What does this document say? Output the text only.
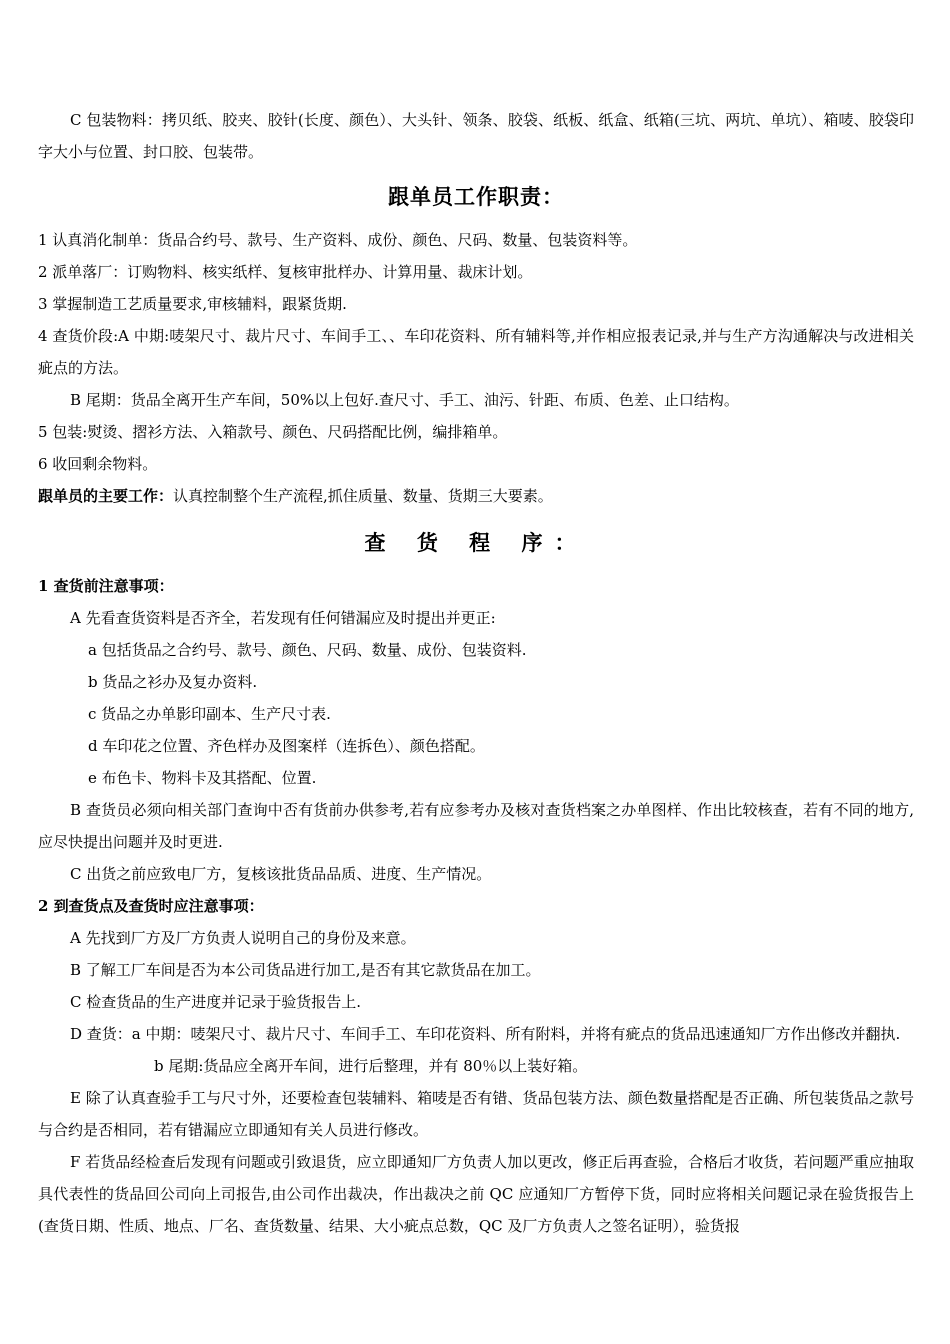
C 包装物料：拷贝纸、胶夹、胶针(长度、颜色）、大头针、领条、胶袋、纸板、纸盒、纸箱(三坑、两坑、单坑）、箱唛、胶袋印字大小与位置、封口胶、包装带。

跟单员工作职责：

1 认真消化制单：货品合约号、款号、生产资料、成份、颜色、尺码、数量、包装资料等。

2 派单落厂：订购物料、核实纸样、复核审批样办、计算用量、裁床计划。

3 掌握制造工艺质量要求,审核辅料，跟紧货期.

4 查货价段:A 中期:唛架尺寸、裁片尺寸、车间手工、、车印花资料、所有辅料等,并作相应报表记录,并与生产方沟通解决与改进相关疵点的方法。

B 尾期：货品全离开生产车间，50%以上包好.查尺寸、手工、油污、针距、布质、色差、止口结构。

5 包装:熨烫、摺衫方法、入箱款号、颜色、尺码搭配比例，编排箱单。

6 收回剩余物料。

跟单员的主要工作：认真控制整个生产流程,抓住质量、数量、货期三大要素。

查 货 程 序：

1 查货前注意事项：

A 先看查货资料是否齐全，若发现有任何错漏应及时提出并更正:

a 包括货品之合约号、款号、颜色、尺码、数量、成份、包装资料.

b 货品之衫办及复办资料.

c 货品之办单影印副本、生产尺寸表.

d 车印花之位置、齐色样办及图案样（连拆色）、颜色搭配。

e 布色卡、物料卡及其搭配、位置.

B 查货员必须向相关部门查询中否有货前办供参考,若有应参考办及核对查货档案之办单图样、作出比较核查，若有不同的地方,应尽快提出问题并及时更进.

C 出货之前应致电厂方，复核该批货品品质、进度、生产情况。

2 到查货点及查货时应注意事项：

A 先找到厂方及厂方负责人说明自己的身份及来意。

B 了解工厂车间是否为本公司货品进行加工,是否有其它款货品在加工。

C 检查货品的生产进度并记录于验货报告上.

D 查货：a 中期：唛架尺寸、裁片尺寸、车间手工、车印花资料、所有附料，并将有疵点的货品迅速通知厂方作出修改并翻执.

b 尾期:货品应全离开车间，进行后整理，并有 80％以上装好箱。

E 除了认真查验手工与尺寸外，还要检查包装辅料、箱唛是否有错、货品包装方法、颜色数量搭配是否正确、所包装货品之款号与合约是否相同，若有错漏应立即通知有关人员进行修改。

F 若货品经检查后发现有问题或引致退货，应立即通知厂方负责人加以更改，修正后再查验，合格后才收货，若问题严重应抽取具代表性的货品回公司向上司报告,由公司作出裁决，作出裁决之前 QC 应通知厂方暂停下货，同时应将相关问题记录在验货报告上(查货日期、性质、地点、厂名、查货数量、结果、大小疵点总数，QC 及厂方负责人之签名证明），验货报
